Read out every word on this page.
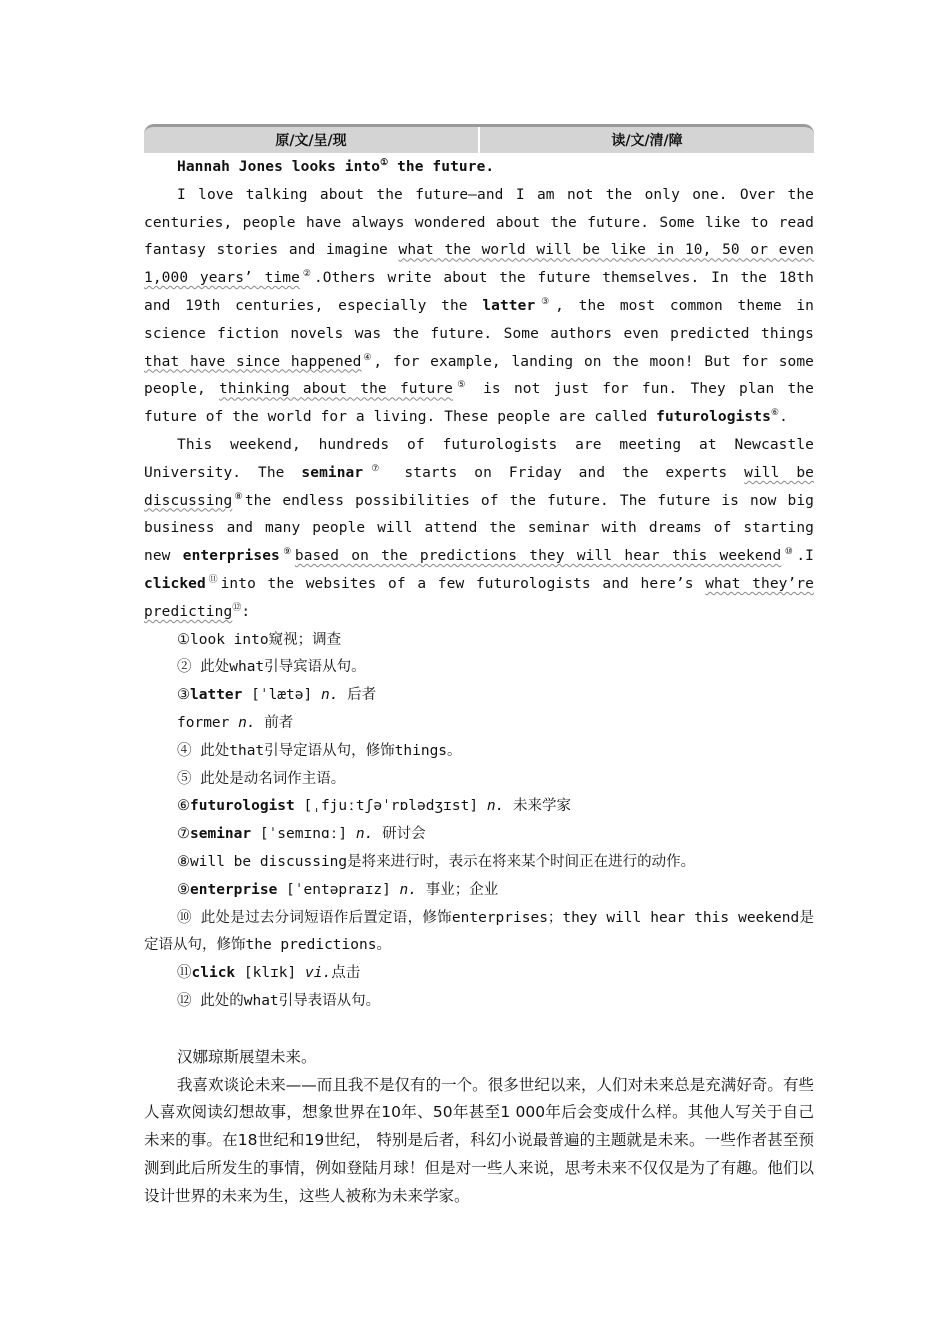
原/文/呈/现	读/文/清/障

Hannah Jones looks into① the future.

I love talking about the future—and I am not the only one. Over the centuries, people have always wondered about the future. Some like to read fantasy stories and imagine what the world will be like in 10, 50 or even 1,000 years’ time②.Others write about the future themselves. In the 18th and 19th centuries, especially the latter③, the most common theme in science fiction novels was the future. Some authors even predicted things that have since happened④, for example, landing on the moon! But for some people, thinking about the future⑤ is not just for fun. They plan the future of the world for a living. These people are called futurologists⑥.

This weekend, hundreds of futurologists are meeting at Newcastle University. The seminar⑦ starts on Friday and the experts will be discussing⑧the endless possibilities of the future. The future is now big business and many people will attend the seminar with dreams of starting new enterprises⑨based on the predictions they will hear this weekend⑩.I clicked⑪into the websites of a few futurologists and here’s what they’re predicting⑫:

①look into窥视；调查

② 此处what引导宾语从句。

③latter [ˈlætə] n. 后者

former n. 前者

④ 此处that引导定语从句，修饰things。

⑤ 此处是动名词作主语。

⑥futurologist [ˌfjuːtʃəˈrɒlədʒɪst] n. 未来学家

⑦seminar [ˈsemɪnɑː] n. 研讨会

⑧will be discussing是将来进行时，表示在将来某个时间正在进行的动作。

⑨enterprise [ˈentəpraɪz] n. 事业；企业

⑩ 此处是过去分词短语作后置定语，修饰enterprises；they will hear this weekend是定语从句，修饰the predictions。

⑪click [klɪk] vi.点击

⑫ 此处的what引导表语从句。

汉娜琼斯展望未来。

我喜欢谈论未来——而且我不是仅有的一个。很多世纪以来，人们对未来总是充满好奇。有些人喜欢阅读幻想故事，想象世界在10年、50年甚至1 000年后会变成什么样。其他人写关于自己未来的事。在18世纪和19世纪， 特别是后者，科幻小说最普遍的主题就是未来。一些作者甚至预测到此后所发生的事情，例如登陆月球！但是对一些人来说，思考未来不仅仅是为了有趣。他们以设计世界的未来为生，这些人被称为未来学家。
